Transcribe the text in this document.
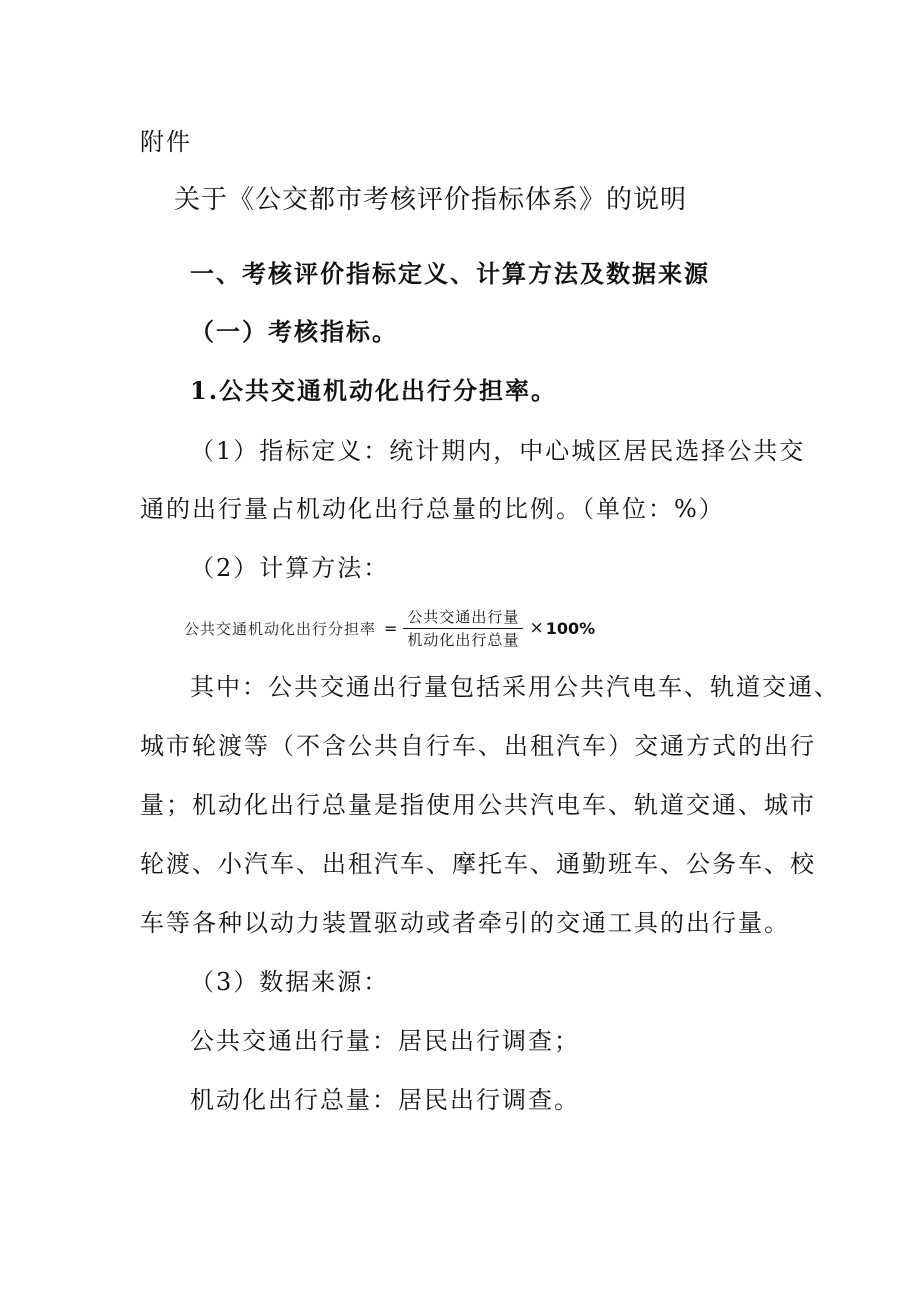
附件
关于《公交都市考核评价指标体系》的说明
一、考核评价指标定义、计算方法及数据来源
（一）考核指标。
1.公共交通机动化出行分担率。
（1）指标定义：统计期内，中心城区居民选择公共交
通的出行量占机动化出行总量的比例。（单位：%）
（2）计算方法：
公共交通机动化出行分担率 = $\frac{\text{公共交通出行量}}{\text{机动化出行总量}} \times 100\%$
其中：公共交通出行量包括采用公共汽电车、轨道交通、
城市轮渡等（不含公共自行车、出租汽车）交通方式的出行
量；机动化出行总量是指使用公共汽电车、轨道交通、城市
轮渡、小汽车、出租汽车、摩托车、通勤班车、公务车、校
车等各种以动力装置驱动或者牵引的交通工具的出行量。
（3）数据来源：
公共交通出行量：居民出行调查；
机动化出行总量：居民出行调查。
